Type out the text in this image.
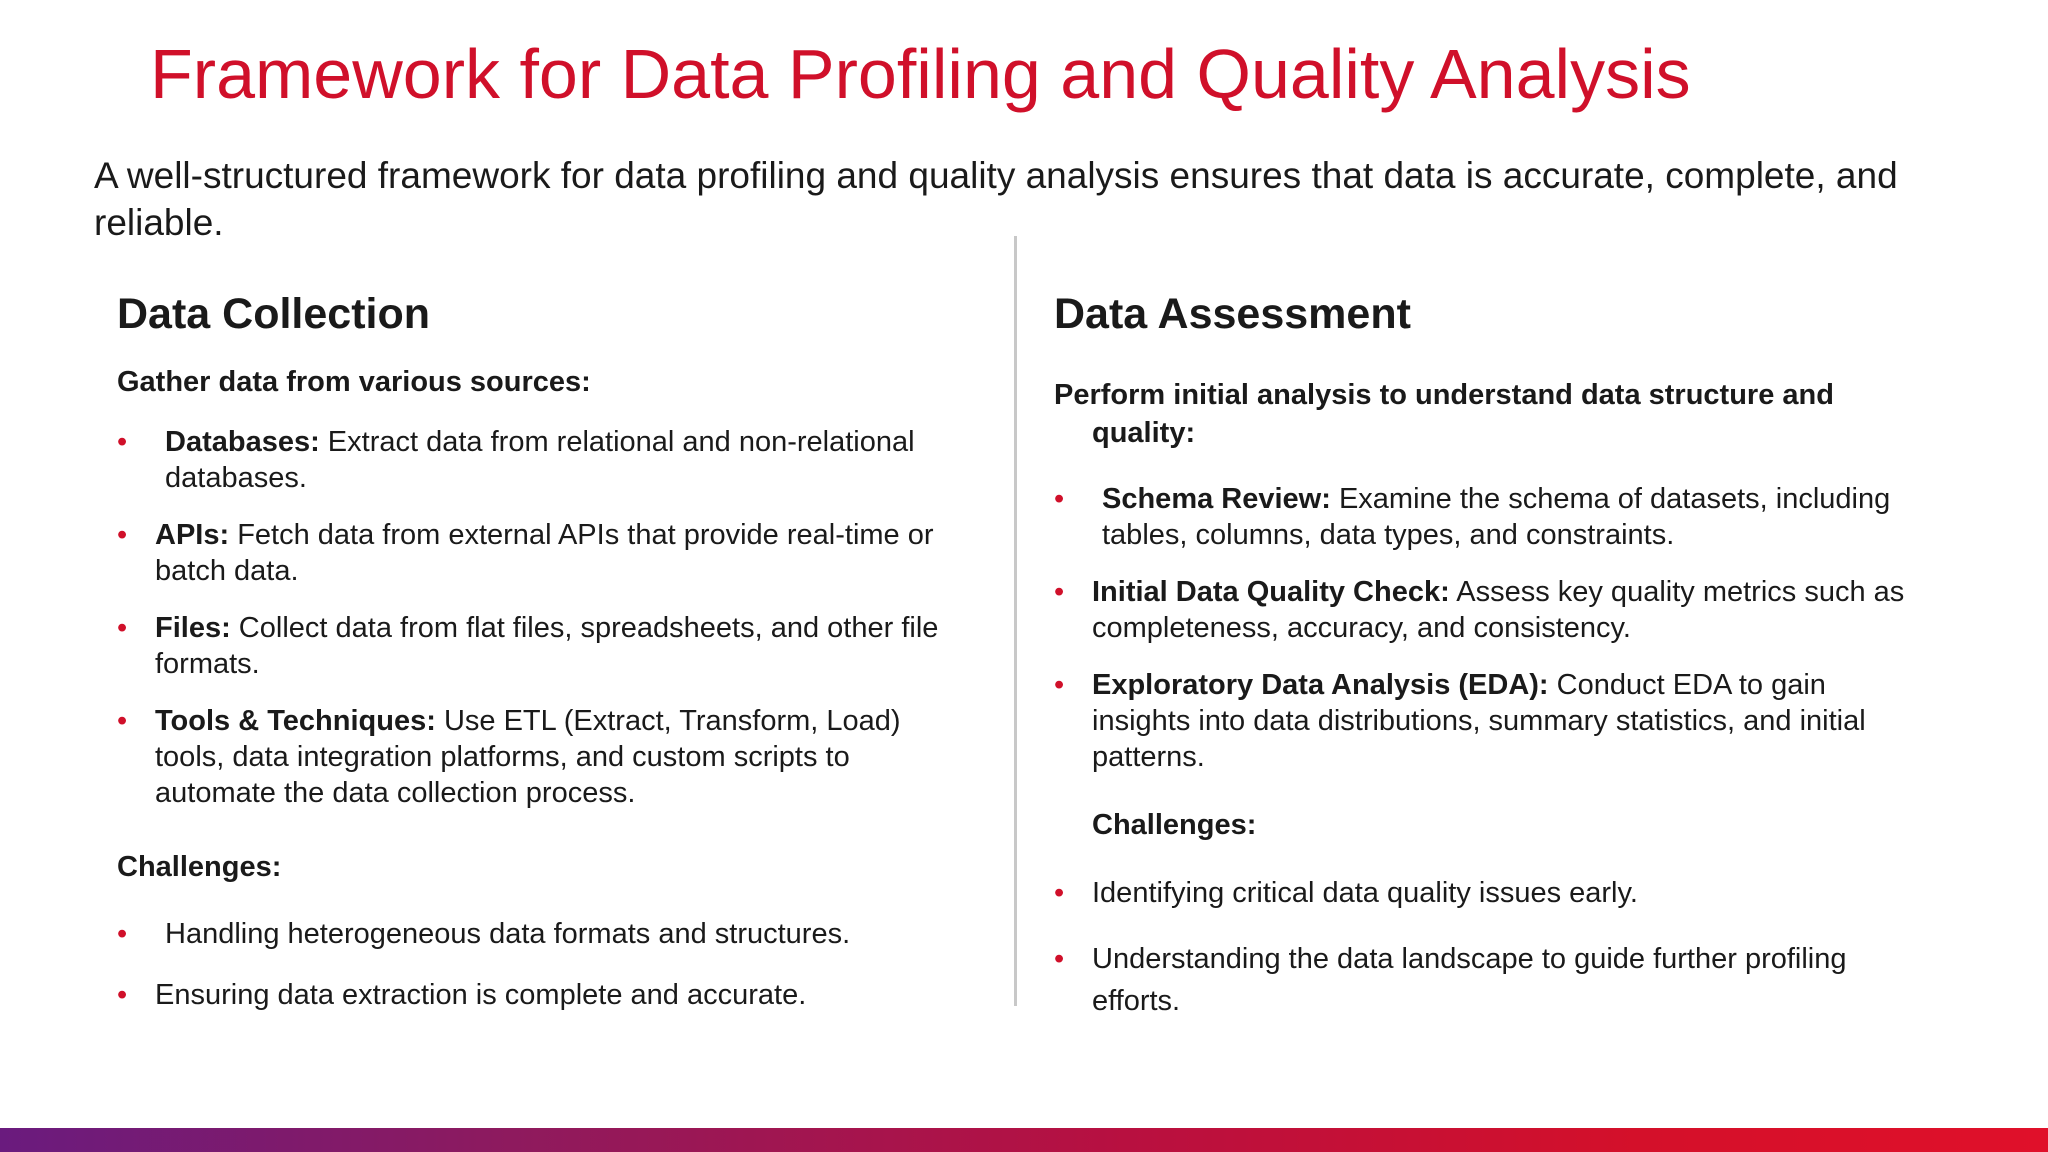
Framework for Data Profiling and Quality Analysis
A well-structured framework for data profiling and quality analysis ensures that data is accurate, complete, and
reliable.
Data Collection
Gather data from various sources:
•	Databases: Extract data from relational and non-relational
databases.
• APIs: Fetch data from external APIs that provide real-time or
batch data.
• Files: Collect data from flat files, spreadsheets, and other file
formats.
• Tools & Techniques: Use ETL (Extract, Transform, Load)
tools, data integration platforms, and custom scripts to
automate the data collection process.
Challenges:
•	Handling heterogeneous data formats and structures.
• Ensuring data extraction is complete and accurate.
Data Assessment
Perform initial analysis to understand data structure and
quality:
•	Schema Review: Examine the schema of datasets, including
tables, columns, data types, and constraints.
• Initial Data Quality Check: Assess key quality metrics such as
completeness, accuracy, and consistency.
• Exploratory Data Analysis (EDA): Conduct EDA to gain
insights into data distributions, summary statistics, and initial
patterns.
Challenges:
• Identifying critical data quality issues early.
• Understanding the data landscape to guide further profiling
efforts.
